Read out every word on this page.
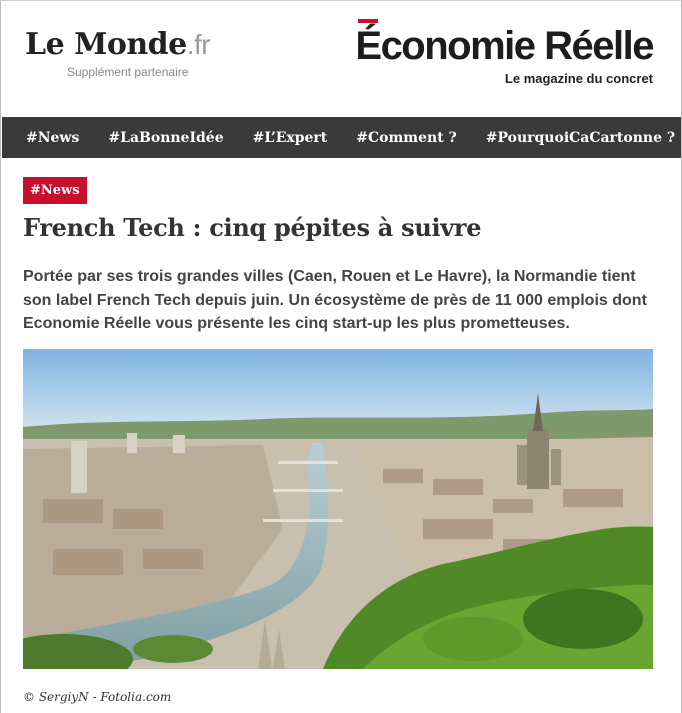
Le Monde.fr
Supplément partenaire
Économie Réelle
Le magazine du concret
#News #LaBonneIdée #L’Expert #Comment ? #PourquoiCaCartonne ?
#News
French Tech : cinq pépites à suivre

Portée par ses trois grandes villes (Caen, Rouen et Le Havre), la Normandie tient son label French Tech depuis juin. Un écosystème de près de 11 000 emplois dont Economie Réelle vous présente les cinq start-up les plus prometteuses.

© SergiyN - Fotolia.com
